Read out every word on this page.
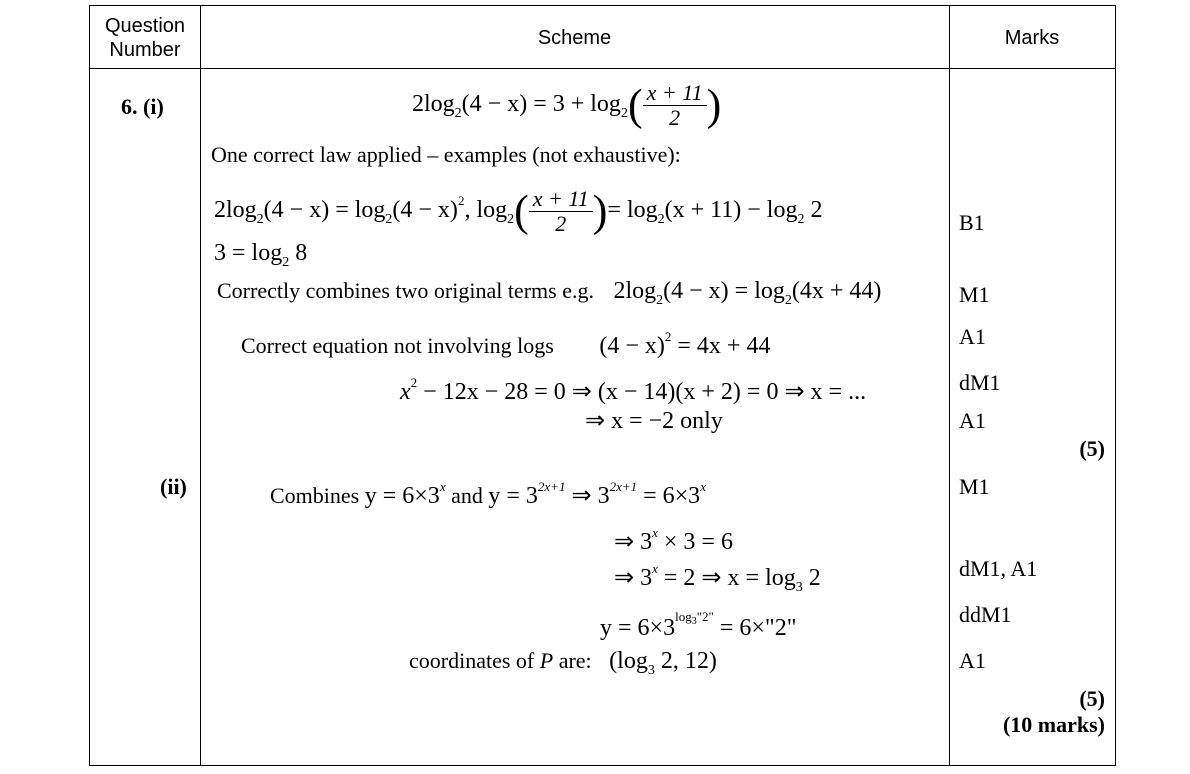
Question
Number
Scheme	Marks
6. (i)
(ii)
$2\log_2(4 - x) = 3 + \log_2( \frac{x + 11}{2}$ )
One correct law applied – examples (not exhaustive):
$2\log_2(4 - x) = \log_2(4 - x)^2$, $\log_2( \frac{x + 11}{2}$ )= $\log_2(x + 11) - \log_2 2$
$3 = \log_2 8$
Correctly combines two original terms e.g. $2\log_2(4 - x) = \log_2(4x + 44)$
Correct equation not involving logs $(4 - x)^2 = 4x + 44$
$x^2 - 12x - 28 = 0$ ⇒ (x − 14)(x + 2) = 0 ⇒ x = ...
⇒ x = −2 only
Combines $y = 6\times 3^x$ and $y = 3^{2x+1}$ ⇒ $3^{2x+1} = 6\times 3^x$
⇒ $3^x \times 3 = 6$
⇒ $3^x = 2$ ⇒ $x = \log_3 2$
$y = 6\times 3^{log_3"2"}$ = 6×"2"
coordinates of P are: ($\log_3$ 2, 12)
B1
M1
A1
dM1
A1
(5)
M1
dM1, A1
ddM1
A1
(5)
(10 marks)
